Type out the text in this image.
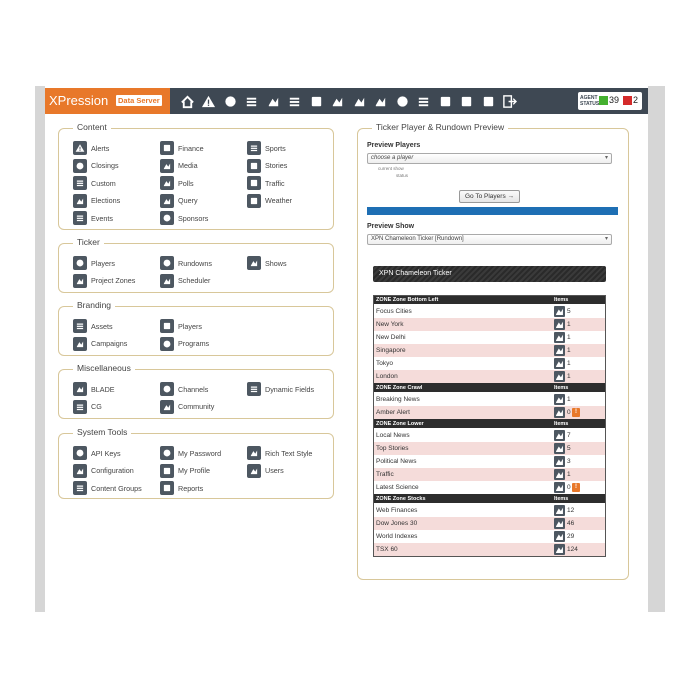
XPression Data Server	AGENT
STATUS 39 2
Content
Ticker
Branding
Miscellaneous
System Tools
Alerts	Finance	Sports
Closings	Media	Stories
Custom	Polls	Traffic
Elections	Query	Weather
Events	Sponsors
Players	Rundowns	Shows
Project Zones	Scheduler
Assets	Players
Campaigns	Programs
BLADE	Channels	Dynamic Fields
CG	Community
API Keys	My Password	Rich Text Style
Configuration	My Profile	Users
Content Groups	Reports
Ticker Player & Rundown Preview
Preview Players
choose a player	▾
current show
status
Go To Players →
Preview Show
XPN Chameleon Ticker [Rundown]	▾
XPN Chameleon Ticker
ZONE Zone Bottom Left	Items
Focus Cities	5
New York	1
New Delhi	1
Singapore	1
Tokyo	1
London	1
ZONE Zone Crawl	Items
Breaking News	1
Amber Alert	0 !
ZONE Zone Lower	Items
Local News	7
Top Stories	5
Political News	3
Traffic	1
Latest Science	0 !
ZONE Zone Stocks	Items
Web Finances	12
Dow Jones 30	46
World Indexes	29
TSX 60	124
